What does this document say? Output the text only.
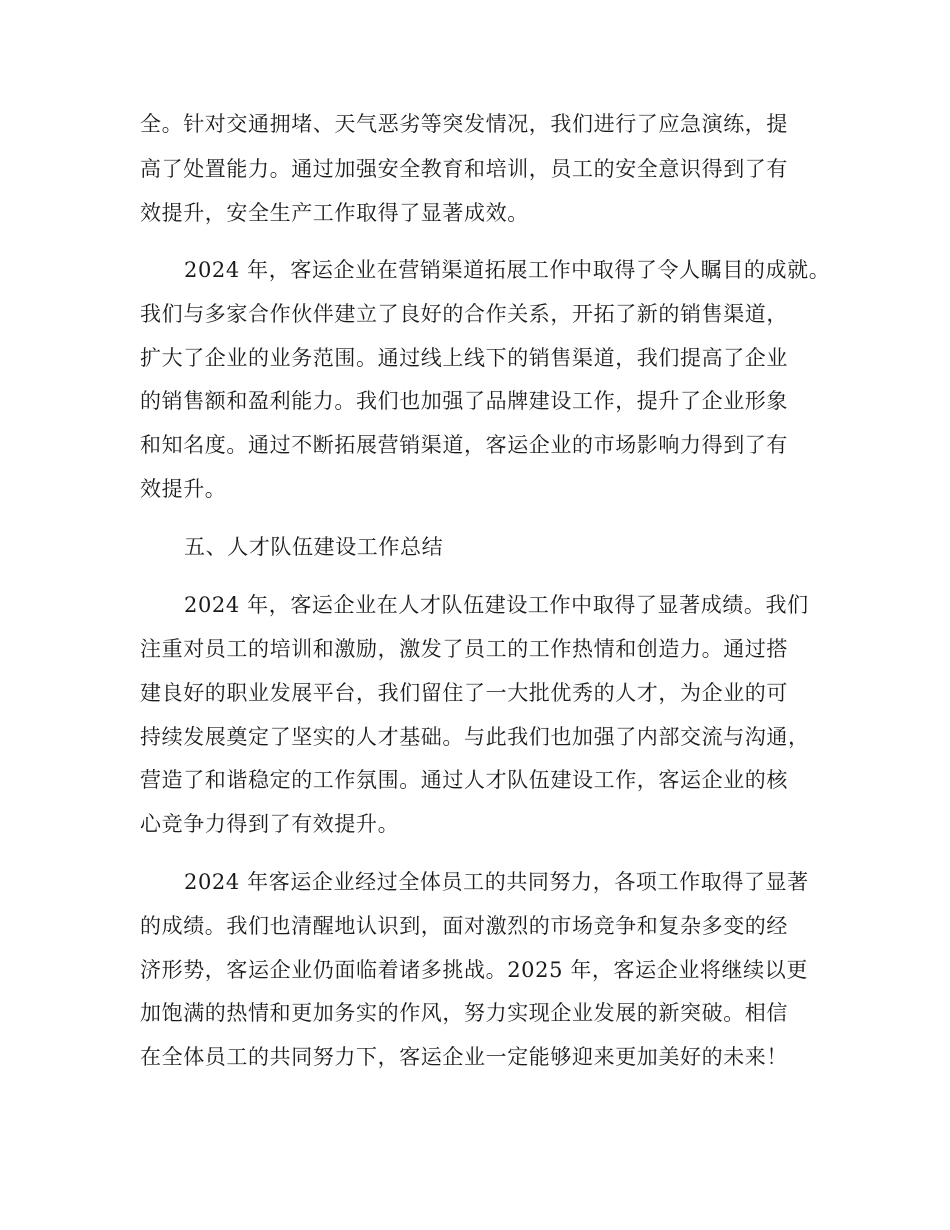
全。针对交通拥堵、天气恶劣等突发情况，我们进行了应急演练，提
高了处置能力。通过加强安全教育和培训，员工的安全意识得到了有
效提升，安全生产工作取得了显著成效。
2024 年，客运企业在营销渠道拓展工作中取得了令人瞩目的成就。
我们与多家合作伙伴建立了良好的合作关系，开拓了新的销售渠道，
扩大了企业的业务范围。通过线上线下的销售渠道，我们提高了企业
的销售额和盈利能力。我们也加强了品牌建设工作，提升了企业形象
和知名度。通过不断拓展营销渠道，客运企业的市场影响力得到了有
效提升。
五、人才队伍建设工作总结
2024 年，客运企业在人才队伍建设工作中取得了显著成绩。我们
注重对员工的培训和激励，激发了员工的工作热情和创造力。通过搭
建良好的职业发展平台，我们留住了一大批优秀的人才，为企业的可
持续发展奠定了坚实的人才基础。与此我们也加强了内部交流与沟通，
营造了和谐稳定的工作氛围。通过人才队伍建设工作，客运企业的核
心竞争力得到了有效提升。
2024 年客运企业经过全体员工的共同努力，各项工作取得了显著
的成绩。我们也清醒地认识到，面对激烈的市场竞争和复杂多变的经
济形势，客运企业仍面临着诸多挑战。2025 年，客运企业将继续以更
加饱满的热情和更加务实的作风，努力实现企业发展的新突破。相信
在全体员工的共同努力下，客运企业一定能够迎来更加美好的未来！
